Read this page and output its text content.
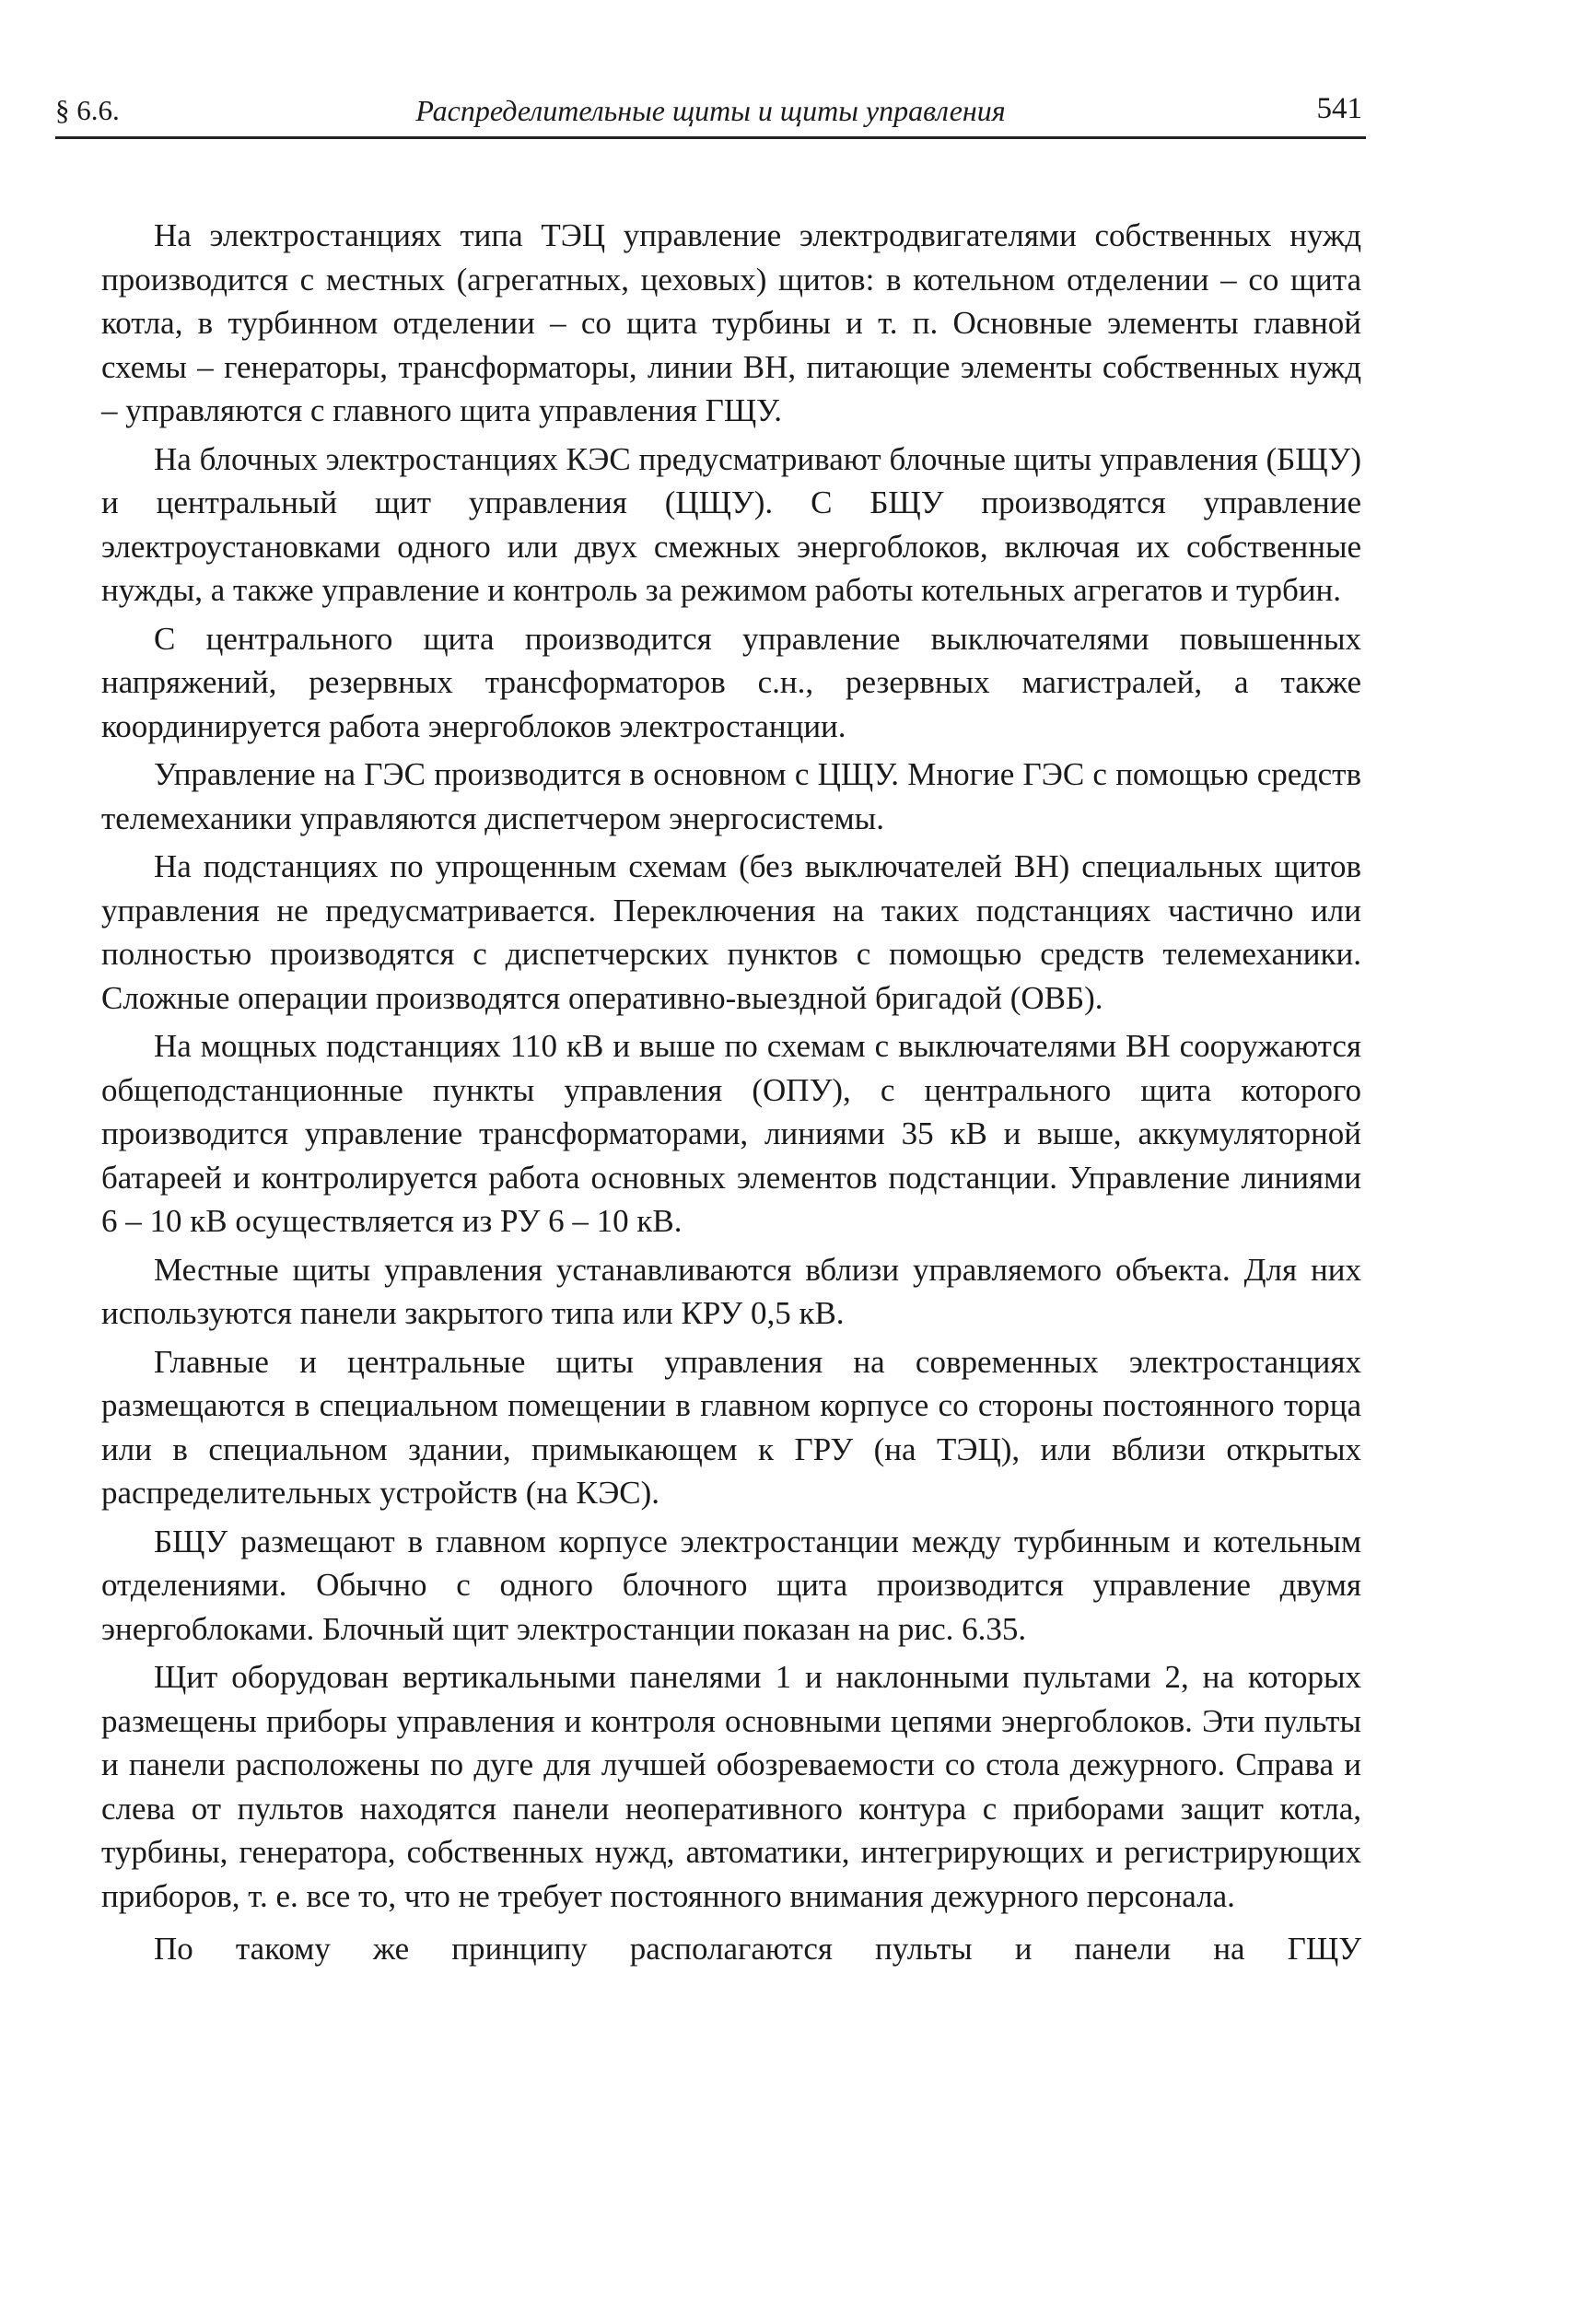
§ 6.6.	Распределительные щиты и щиты управления	541

На электростанциях типа ТЭЦ управление электродвигателями собственных нужд производится с местных (агрегатных, цеховых) щитов: в котельном отделении – со щита котла, в турбинном отделении – со щита турбины и т. п. Основные элементы главной схемы – генераторы, трансформаторы, линии ВН, питающие элементы собственных нужд – управляются с главного щита управления ГЩУ.

На блочных электростанциях КЭС предусматривают блочные щиты управления (БЩУ) и центральный щит управления (ЦЩУ). С БЩУ производятся управление электроустановками одного или двух смежных энергоблоков, включая их собственные нужды, а также управление и контроль за режимом работы котельных агрегатов и турбин.

С центрального щита производится управление выключателями повышенных напряжений, резервных трансформаторов с.н., резервных магистралей, а также координируется работа энергоблоков электростанции.

Управление на ГЭС производится в основном с ЦЩУ. Многие ГЭС с помощью средств телемеханики управляются диспетчером энергосистемы.

На подстанциях по упрощенным схемам (без выключателей ВН) специальных щитов управления не предусматривается. Переключения на таких подстанциях частично или полностью производятся с диспетчерских пунктов с помощью средств телемеханики. Сложные операции производятся оперативно-выездной бригадой (ОВБ).

На мощных подстанциях 110 кВ и выше по схемам с выключателями ВН сооружаются общеподстанционные пункты управления (ОПУ), с центрального щита которого производится управление трансформаторами, линиями 35 кВ и выше, аккумуляторной батареей и контролируется работа основных элементов подстанции. Управление линиями 6 – 10 кВ осуществляется из РУ 6 – 10 кВ.

Местные щиты управления устанавливаются вблизи управляемого объекта. Для них используются панели закрытого типа или КРУ 0,5 кВ.

Главные и центральные щиты управления на современных электростанциях размещаются в специальном помещении в главном корпусе со стороны постоянного торца или в специальном здании, примыкающем к ГРУ (на ТЭЦ), или вблизи открытых распределительных устройств (на КЭС).

БЩУ размещают в главном корпусе электростанции между турбинным и котельным отделениями. Обычно с одного блочного щита производится управление двумя энергоблоками. Блочный щит электростанции показан на рис. 6.35.

Щит оборудован вертикальными панелями 1 и наклонными пультами 2, на которых размещены приборы управления и контроля основными цепями энергоблоков. Эти пульты и панели расположены по дуге для лучшей обозреваемости со стола дежурного. Справа и слева от пультов находятся панели неоперативного контура с приборами защит котла, турбины, генератора, собственных нужд, автоматики, интегрирующих и регистрирующих приборов, т. е. все то, что не требует постоянного внимания дежурного персонала.

По такому же принципу располагаются пульты и панели на ГЩУ
